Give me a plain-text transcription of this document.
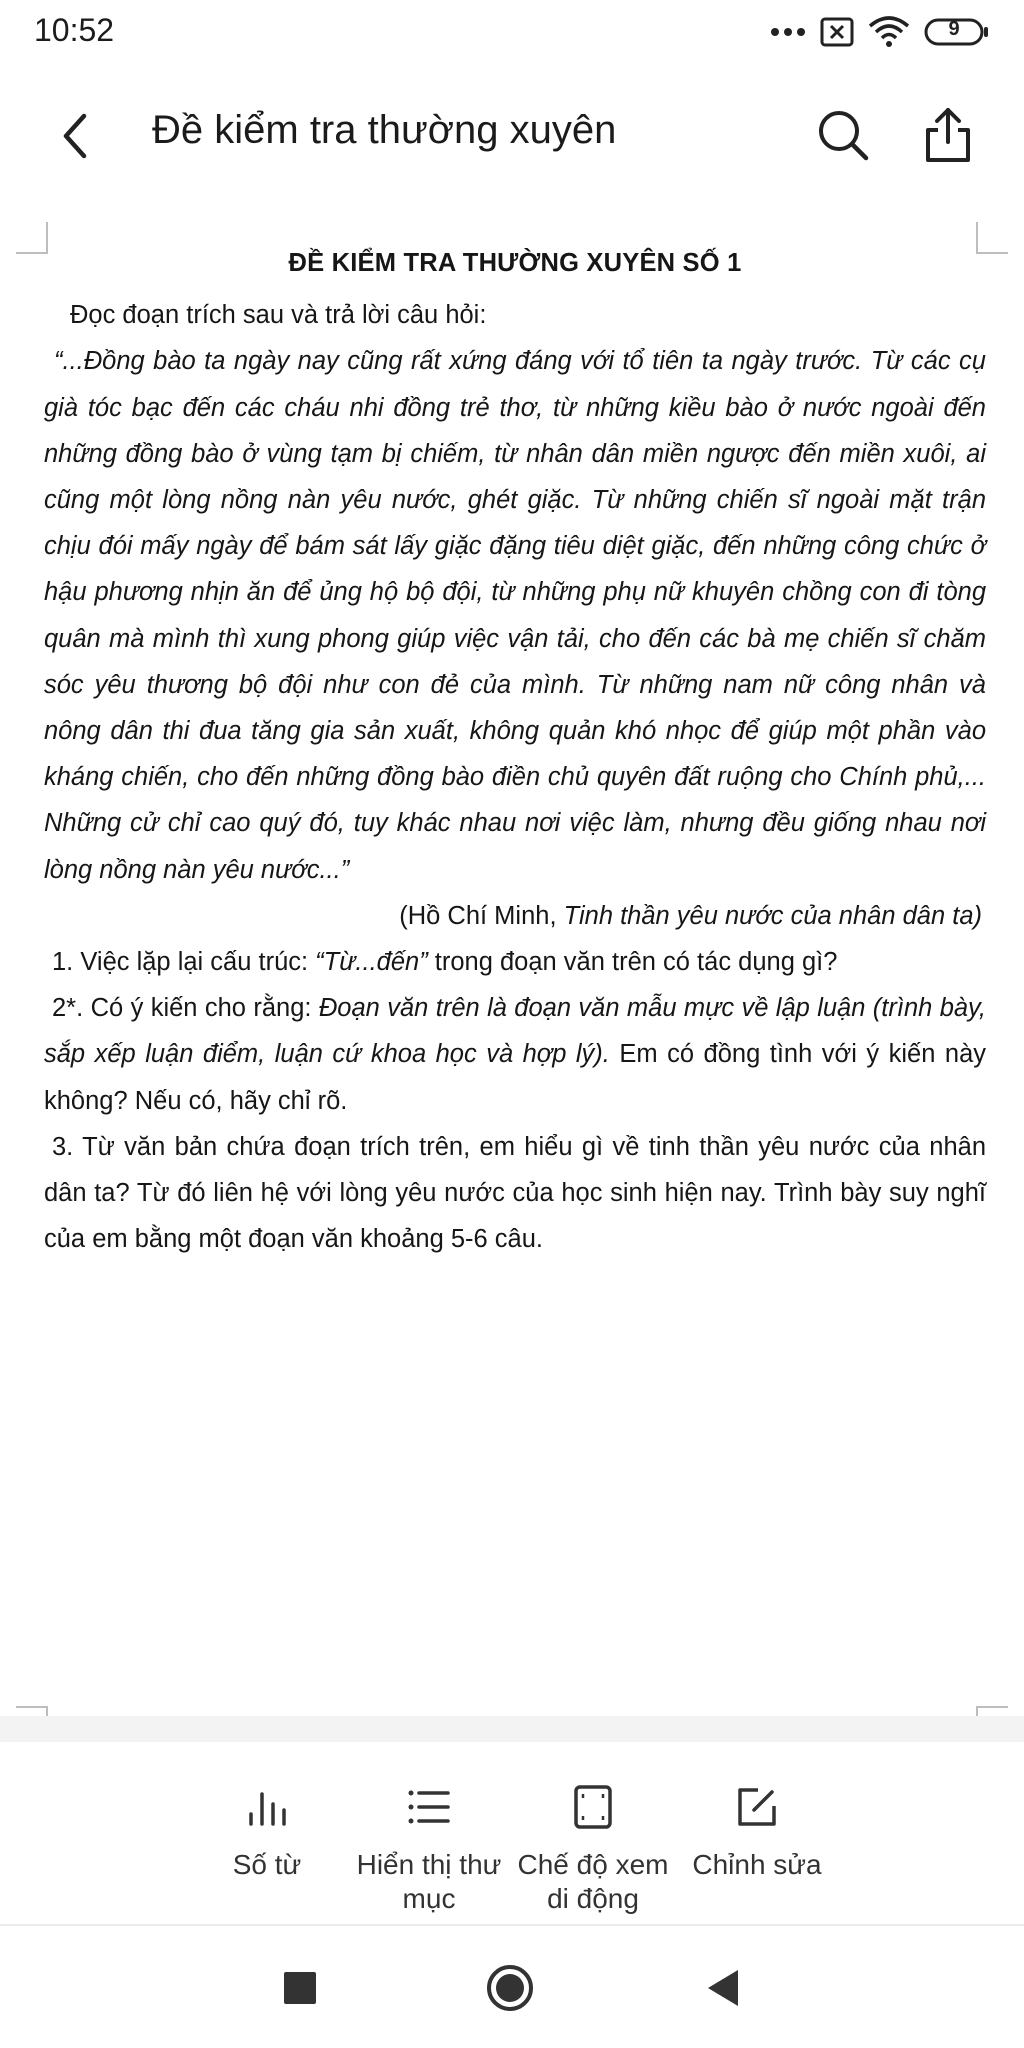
10:52	9
Đề kiểm tra thường xuyên

ĐỀ KIỂM TRA THƯỜNG XUYÊN SỐ 1

Đọc đoạn trích sau và trả lời câu hỏi:

“...Đồng bào ta ngày nay cũng rất xứng đáng với tổ tiên ta ngày trước. Từ các cụ già tóc bạc đến các cháu nhi đồng trẻ thơ, từ những kiều bào ở nước ngoài đến những đồng bào ở vùng tạm bị chiếm, từ nhân dân miền ngược đến miền xuôi, ai cũng một lòng nồng nàn yêu nước, ghét giặc. Từ những chiến sĩ ngoài mặt trận chịu đói mấy ngày để bám sát lấy giặc đặng tiêu diệt giặc, đến những công chức ở hậu phương nhịn ăn để ủng hộ bộ đội, từ những phụ nữ khuyên chồng con đi tòng quân mà mình thì xung phong giúp việc vận tải, cho đến các bà mẹ chiến sĩ chăm sóc yêu thương bộ đội như con đẻ của mình. Từ những nam nữ công nhân và nông dân thi đua tăng gia sản xuất, không quản khó nhọc để giúp một phần vào kháng chiến, cho đến những đồng bào điền chủ quyên đất ruộng cho Chính phủ,... Những cử chỉ cao quý đó, tuy khác nhau nơi việc làm, nhưng đều giống nhau nơi lòng nồng nàn yêu nước...”

(Hồ Chí Minh, Tinh thần yêu nước của nhân dân ta)

1. Việc lặp lại cấu trúc: “Từ...đến” trong đoạn văn trên có tác dụng gì?

2*. Có ý kiến cho rằng: Đoạn văn trên là đoạn văn mẫu mực về lập luận (trình bày, sắp xếp luận điểm, luận cứ khoa học và hợp lý). Em có đồng tình với ý kiến này không? Nếu có, hãy chỉ rõ.

3. Từ văn bản chứa đoạn trích trên, em hiểu gì về tinh thần yêu nước của nhân dân ta? Từ đó liên hệ với lòng yêu nước của học sinh hiện nay. Trình bày suy nghĩ của em bằng một đoạn văn khoảng 5-6 câu.

Số từ	Hiển thị thư
mục
Chế độ xem
di động
Chỉnh sửa
